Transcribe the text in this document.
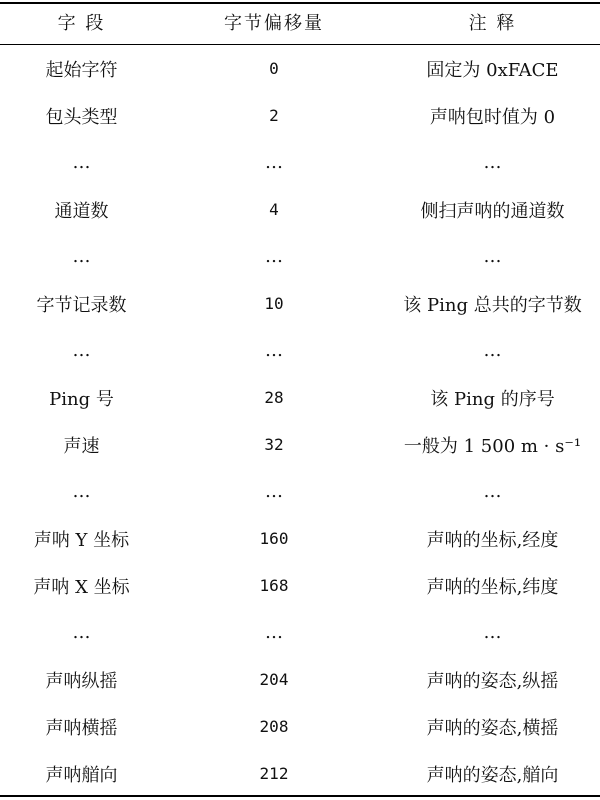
字 段	字节偏移量	注 释
起始字符	0	固定为 0xFACE
包头类型	2	声呐包时值为 0
…	…	…
通道数	4	侧扫声呐的通道数
…	…	…
字节记录数	10	该 Ping 总共的字节数
…	…	…
Ping 号	28	该 Ping 的序号
声速	32	一般为 1 500 m · s⁻¹
…	…	…
声呐 Y 坐标	160	声呐的坐标,经度
声呐 X 坐标	168	声呐的坐标,纬度
…	…	…
声呐纵摇	204	声呐的姿态,纵摇
声呐横摇	208	声呐的姿态,横摇
声呐艏向	212	声呐的姿态,艏向
